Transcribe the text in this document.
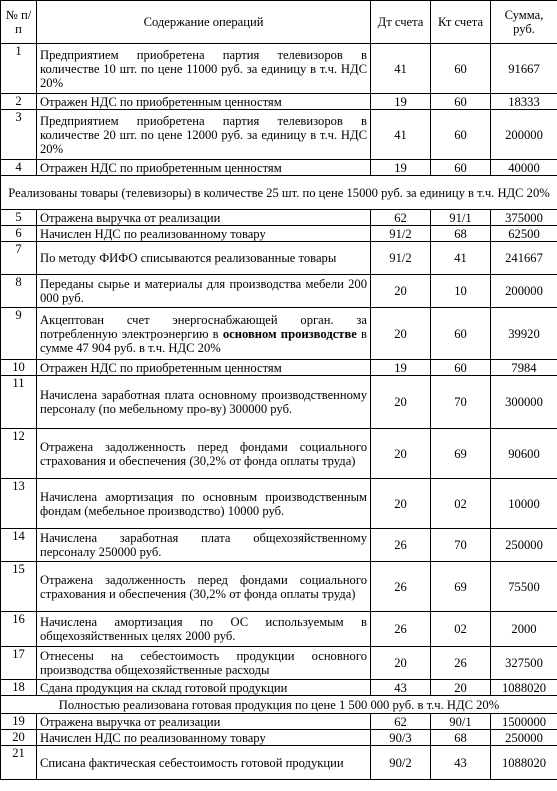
№ п/п	Содержание операций	Дт счета	Кт счета	Сумма, руб.
1	Предприятием приобретена партия телевизоров в количестве 10 шт. по цене 11000 руб. за единицу в т.ч. НДС 20%	41	60	91667
2	Отражен НДС по приобретенным ценностям	19	60	18333
3	Предприятием приобретена партия телевизоров в количестве 20 шт. по цене 12000 руб. за единицу в т.ч. НДС 20%	41	60	200000
4	Отражен НДС по приобретенным ценностям	19	60	40000
Реализованы товары (телевизоры) в количестве 25 шт. по цене 15000 руб. за единицу в т.ч. НДС 20%				
5	Отражена выручка от реализации	62	91/1	375000
6	Начислен НДС по реализованному товару	91/2	68	62500
7	По методу ФИФО списываются реализованные товары	91/2	41	241667
8	Переданы сырье и материалы для производства мебели 200 000 руб.	20	10	200000
9	Акцептован счет энергоснабжающей орган. за потребленную электроэнергию в основном производстве в сумме 47 904 руб. в т.ч. НДС 20%	20	60	39920
10	Отражен НДС по приобретенным ценностям	19	60	7984
11	Начислена заработная плата основному производственному персоналу (по мебельному про-ву) 300000 руб.	20	70	300000
12	Отражена задолженность перед фондами социального страхования и обеспечения (30,2% от фонда оплаты труда)	20	69	90600
13	Начислена амортизация по основным производственным фондам (мебельное производство) 10000 руб.	20	02	10000
14	Начислена заработная плата общехозяйственному персоналу 250000 руб.	26	70	250000
15	Отражена задолженность перед фондами социального страхования и обеспечения (30,2% от фонда оплаты труда)	26	69	75500
16	Начислена амортизация по ОС используемым в общехозяйственных целях 2000 руб.	26	02	2000
17	Отнесены на себестоимость продукции основного производства общехозяйственные расходы	20	26	327500
18	Сдана продукция на склад готовой продукции	43	20	1088020
Полностью реализована готовая продукция по цене 1 500 000 руб. в т.ч. НДС 20%				
19	Отражена выручка от реализации	62	90/1	1500000
20	Начислен НДС по реализованному товару	90/3	68	250000
21	Списана фактическая себестоимость готовой продукции	90/2	43	1088020
